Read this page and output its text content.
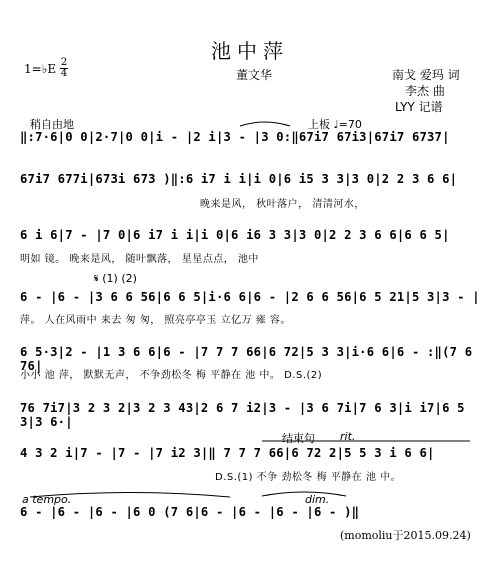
池中萍
1=♭E 2
4	董文华	南戈 爱玛 词
李杰 曲
LYY 记谱
稍自由地	上板 ♩=70
‖:7·6|0 0|2·7|0 0|i - |2 i|3 - |3 0:‖67i7 67i3|67i7 6737|
67i7 677i|673i 673 )‖:6 i7 i i|i 0|6 i5 3 3|3 0|2 2 3 6 6|
晚来是风， 秋叶落户， 清清河水，
6 i 6|7 - |7 0|6 i7 i i|i 0|6 i6 3 3|3 0|2 2 3 6 6|6 6 5|
明如 镜。 晚来是风， 随叶飘落， 星星点点， 池中
𝄋 (1) (2)
6 - |6 - |3 6 6 56|6 6 5|i·6 6|6 - |2 6 6 56|6 5 21|5 3|3 - |
萍。 人在风雨中 来去 匆 匆， 照亮亭亭玉 立亿万 雍 容。
6 5·3|2 - |1 3 6 6|6 - |7 7 7 66|6 72|5 3 3|i·6 6|6 - :‖(7 6 76|
小小 池 萍， 默默无声， 不争劲松冬 梅 平静在 池 中。 D.S.(2)
76 7i7|3 2 3 2|3 2 3 43|2 6 7 i2|3 - |3 6 7i|7 6 3|i i7|6 5 3|3 6·|
结束句 rit.
4 3 2 i|7 - |7 - |7 i2 3|‖ 7 7 7 66|6 72 2|5 5 3 i 6 6|
D.S.(1) 不争 劲松冬 梅 平静在 池 中。
a tempo.	dim.
6 - |6 - |6 - |6 0 (7 6|6 - |6 - |6 - |6 - )‖
(momoliu于2015.09.24)
